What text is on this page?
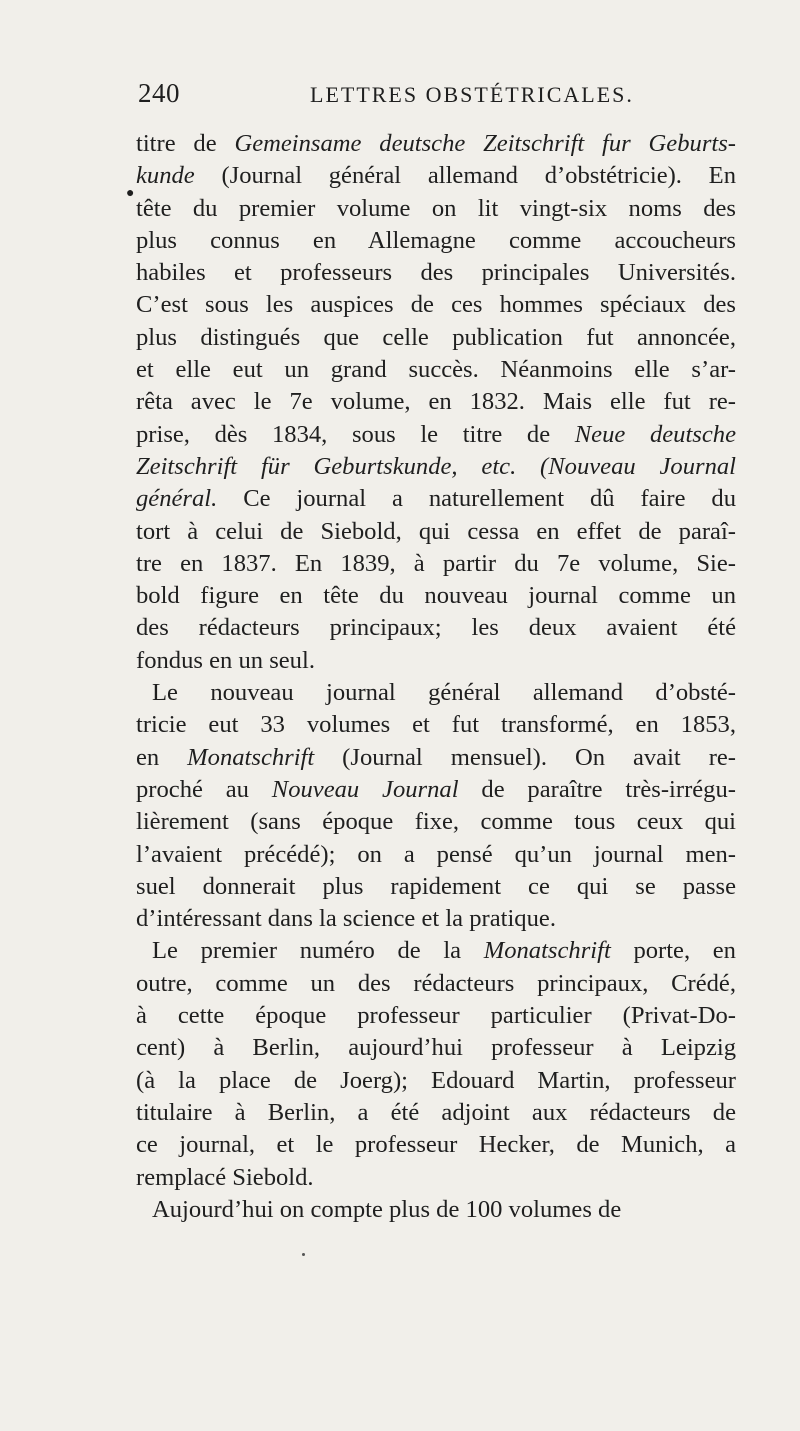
240	LETTRES OBSTÉTRICALES.
●
titre de Gemeinsame deutsche Zeitschrift fur Geburts-
kunde (Journal général allemand d’obstétricie). En
tête du premier volume on lit vingt-six noms des
plus connus en Allemagne comme accoucheurs
habiles et professeurs des principales Universités.
C’est sous les auspices de ces hommes spéciaux des
plus distingués que celle publication fut annoncée,
et elle eut un grand succès. Néanmoins elle s’ar-
rêta avec le 7e volume, en 1832. Mais elle fut re-
prise, dès 1834, sous le titre de Neue deutsche
Zeitschrift für Geburtskunde, etc. (Nouveau Journal
général. Ce journal a naturellement dû faire du
tort à celui de Siebold, qui cessa en effet de paraî-
tre en 1837. En 1839, à partir du 7e volume, Sie-
bold figure en tête du nouveau journal comme un
des rédacteurs principaux; les deux avaient été
fondus en un seul.
Le nouveau journal général allemand d’obsté-
tricie eut 33 volumes et fut transformé, en 1853,
en Monatschrift (Journal mensuel). On avait re-
proché au Nouveau Journal de paraître très-irrégu-
lièrement (sans époque fixe, comme tous ceux qui
l’avaient précédé); on a pensé qu’un journal men-
suel donnerait plus rapidement ce qui se passe
d’intéressant dans la science et la pratique.
Le premier numéro de la Monatschrift porte, en
outre, comme un des rédacteurs principaux, Crédé,
à cette époque professeur particulier (Privat-Do-
cent) à Berlin, aujourd’hui professeur à Leipzig
(à la place de Joerg); Edouard Martin, professeur
titulaire à Berlin, a été adjoint aux rédacteurs de
ce journal, et le professeur Hecker, de Munich, a
remplacé Siebold.
Aujourd’hui on compte plus de 100 volumes de
